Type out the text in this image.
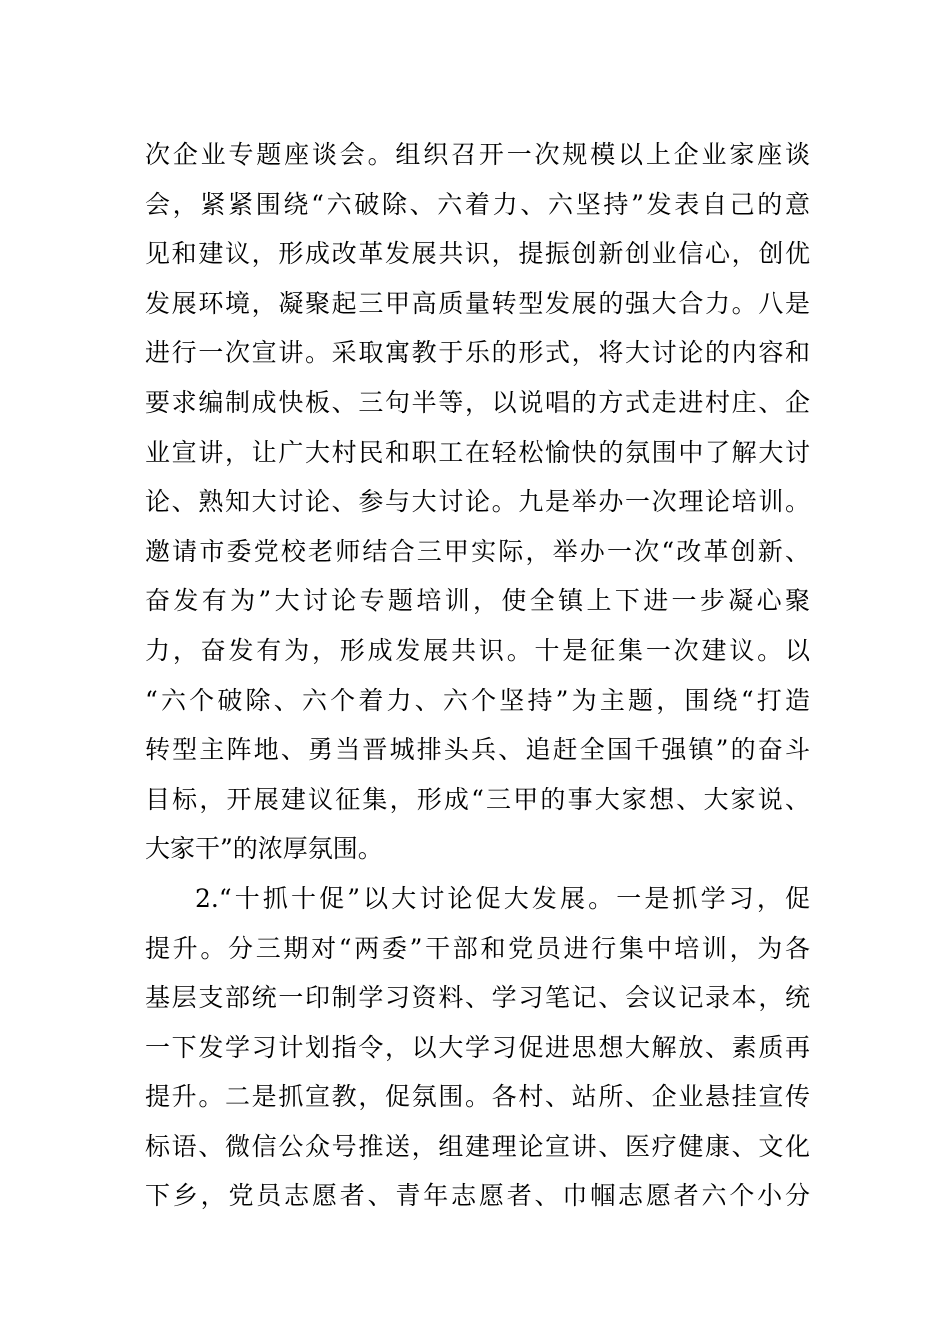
次企业专题座谈会。组织召开一次规模以上企业家座谈
会，紧紧围绕“六破除、六着力、六坚持”发表自己的意
见和建议，形成改革发展共识，提振创新创业信心，创优
发展环境，凝聚起三甲高质量转型发展的强大合力。八是
进行一次宣讲。采取寓教于乐的形式，将大讨论的内容和
要求编制成快板、三句半等，以说唱的方式走进村庄、企
业宣讲，让广大村民和职工在轻松愉快的氛围中了解大讨
论、熟知大讨论、参与大讨论。九是举办一次理论培训。
邀请市委党校老师结合三甲实际，举办一次“改革创新、
奋发有为”大讨论专题培训，使全镇上下进一步凝心聚
力，奋发有为，形成发展共识。十是征集一次建议。以
“六个破除、六个着力、六个坚持”为主题，围绕“打造
转型主阵地、勇当晋城排头兵、追赶全国千强镇”的奋斗
目标，开展建议征集，形成“三甲的事大家想、大家说、
大家干”的浓厚氛围。
2.“十抓十促”以大讨论促大发展。一是抓学习，促
提升。分三期对“两委”干部和党员进行集中培训，为各
基层支部统一印制学习资料、学习笔记、会议记录本，统
一下发学习计划指令，以大学习促进思想大解放、素质再
提升。二是抓宣教，促氛围。各村、站所、企业悬挂宣传
标语、微信公众号推送，组建理论宣讲、医疗健康、文化
下乡，党员志愿者、青年志愿者、巾帼志愿者六个小分
